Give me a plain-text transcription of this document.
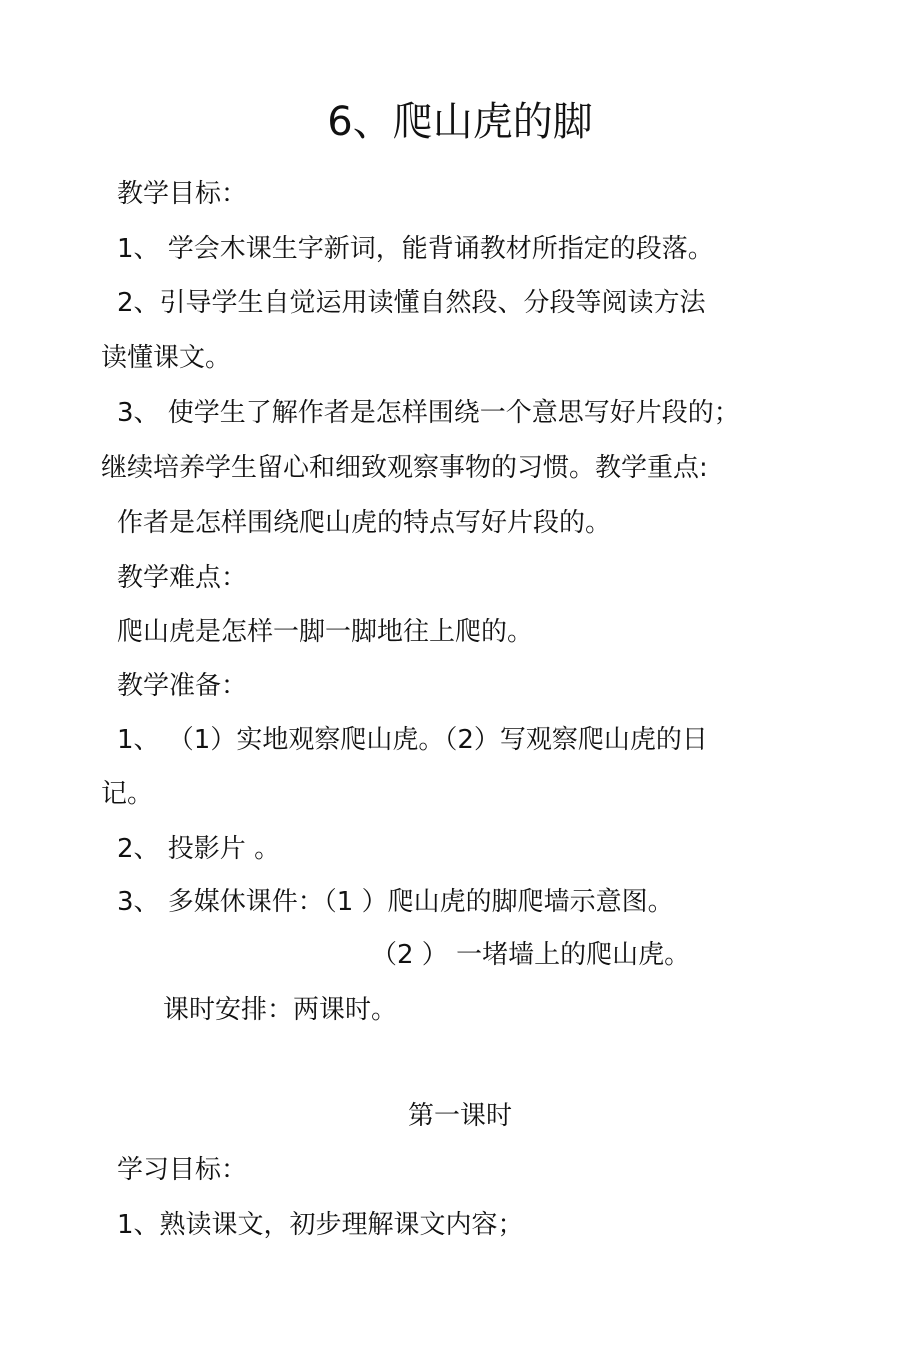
6、爬山虎的脚
教学目标：
1、 学会木课生字新词，能背诵教材所指定的段落。
2、引导学生自觉运用读懂自然段、分段等阅读方法
读懂课文。
3、 使学生了解作者是怎样围绕一个意思写好片段的；
继续培养学生留心和细致观察事物的习惯。教学重点:
作者是怎样围绕爬山虎的特点写好片段的。
教学难点：
爬山虎是怎样一脚一脚地往上爬的。
教学准备：
1、 （1）实地观察爬山虎。（2）写观察爬山虎的日
记。
2、 投影片 。
3、 多媒休课件：（1 ）爬山虎的脚爬墙示意图。
（2 ） 一堵墙上的爬山虎。
课时安排：两课时。
第一课时
学习目标：
1、熟读课文，初步理解课文内容；
